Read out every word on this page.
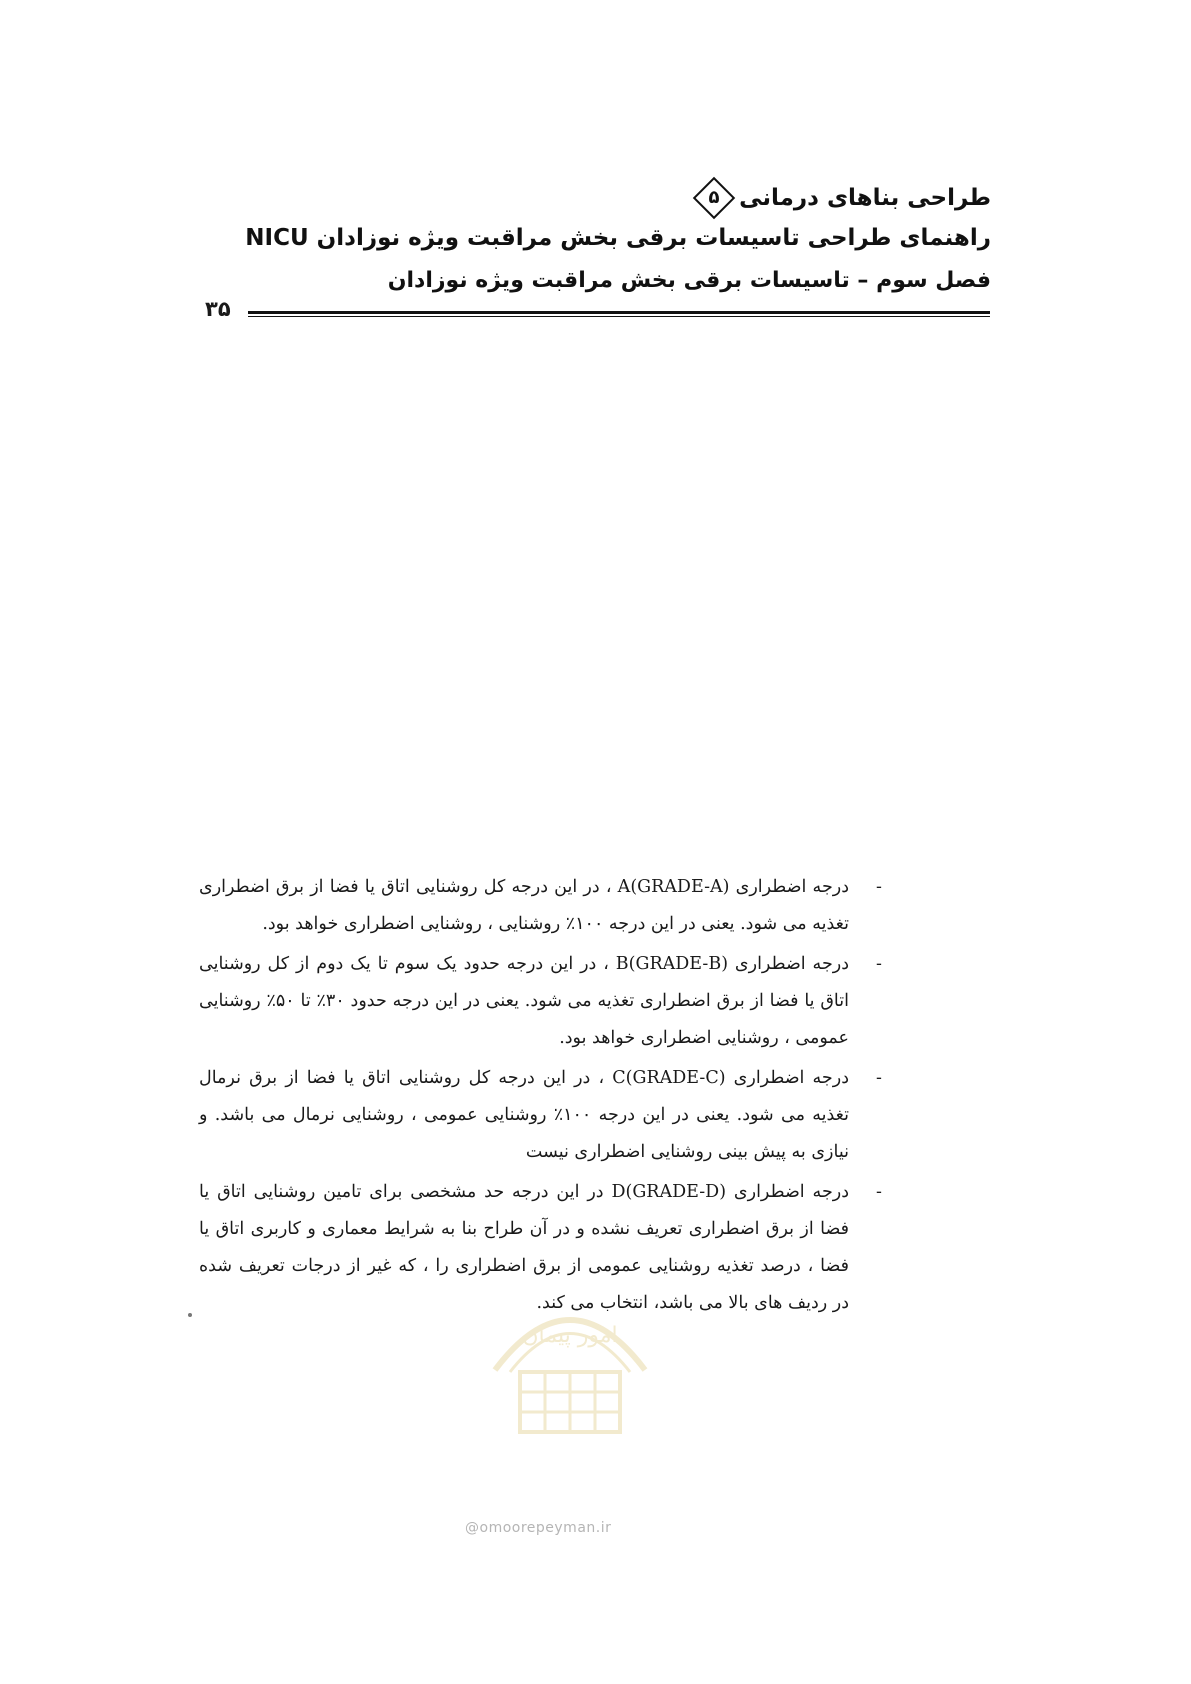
طراحی بناهای درمانی
۵
راهنمای طراحی تاسیسات برقی بخش مراقبت ویژه نوزادان NICU
فصل سوم – تاسیسات برقی بخش مراقبت ویژه نوزادان
۳۵
-
درجه اضطراری (GRADE-A)A ، در این درجه کل روشنایی اتاق یا فضا از برق اضطراری تغذیه می شود. یعنی در این درجه ۱۰۰٪ روشنایی ، روشنایی اضطراری خواهد بود.
-
درجه اضطراری (GRADE-B)B ، در این درجه حدود یک سوم تا یک دوم از کل روشنایی اتاق یا فضا از برق اضطراری تغذیه می شود. یعنی در این درجه حدود ۳۰٪ تا ۵۰٪ روشنایی عمومی ، روشنایی اضطراری خواهد بود.
-
درجه اضطراری (GRADE-C)C ، در این درجه کل روشنایی اتاق یا فضا از برق نرمال تغذیه می شود. یعنی در این درجه ۱۰۰٪ روشنایی عمومی ، روشنایی نرمال می باشد. و نیازی به پیش بینی روشنایی اضطراری نیست
-
درجه اضطراری (GRADE-D)D در این درجه حد مشخصی برای تامین روشنایی اتاق یا فضا از برق اضطراری تعریف نشده و در آن طراح بنا به شرایط معماری و کاربری اتاق یا فضا ، درصد تغذیه روشنایی عمومی از برق اضطراری را ، که غیر از درجات تعریف شده در ردیف های بالا می باشد، انتخاب می کند.
امور پیمان
@omoorepeyman.ir
